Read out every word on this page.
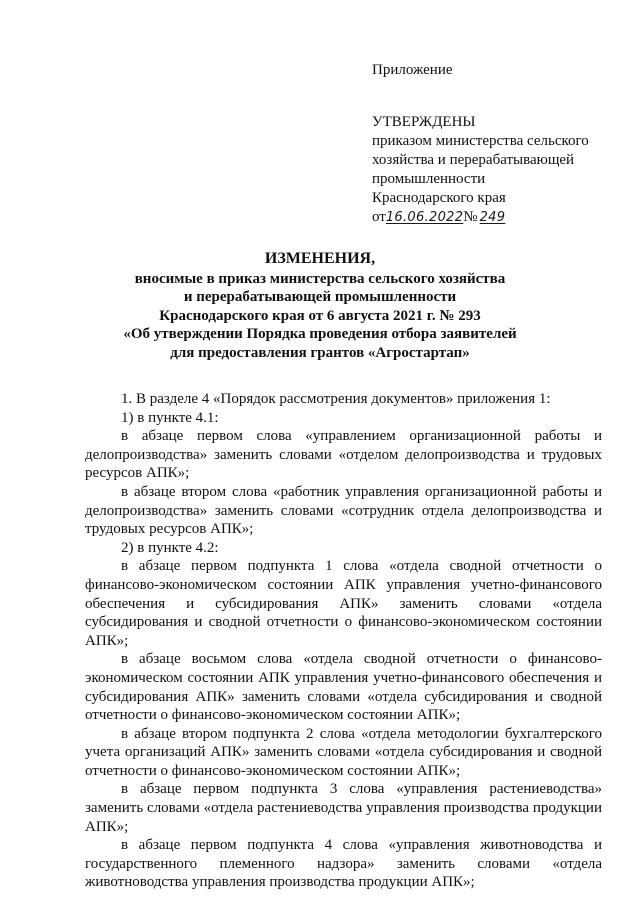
Приложение
УТВЕРЖДЕНЫ
приказом министерства сельского
хозяйства и перерабатывающей
промышленности
Краснодарского края
от16.06.2022№ 249
ИЗМЕНЕНИЯ,
вносимые в приказ министерства сельского хозяйства
и перерабатывающей промышленности
Краснодарского края от 6 августа 2021 г. № 293
«Об утверждении Порядка проведения отбора заявителей
для предоставления грантов «Агростартап»

1. В разделе 4 «Порядок рассмотрения документов» приложения 1:

1) в пункте 4.1:

в абзаце первом слова «управлением организационной работы и делопроизводства» заменить словами «отделом делопроизводства и трудовых ресурсов АПК»;

в абзаце втором слова «работник управления организационной работы и делопроизводства» заменить словами «сотрудник отдела делопроизводства и трудовых ресурсов АПК»;

2) в пункте 4.2:

в абзаце первом подпункта 1 слова «отдела сводной отчетности о финансово-экономическом состоянии АПК управления учетно-финансового обеспечения и субсидирования АПК» заменить словами «отдела субсидирования и сводной отчетности о финансово-экономическом состоянии АПК»;

в абзаце восьмом слова «отдела сводной отчетности о финансово-экономическом состоянии АПК управления учетно-финансового обеспечения и субсидирования АПК» заменить словами «отдела субсидирования и сводной отчетности о финансово-экономическом состоянии АПК»;

в абзаце втором подпункта 2 слова «отдела методологии бухгалтерского учета организаций АПК» заменить словами «отдела субсидирования и сводной отчетности о финансово-экономическом состоянии АПК»;

в абзаце первом подпункта 3 слова «управления растениеводства» заменить словами «отдела растениеводства управления производства продукции АПК»;

в абзаце первом подпункта 4 слова «управления животноводства и государственного племенного надзора» заменить словами «отдела животноводства управления производства продукции АПК»;
